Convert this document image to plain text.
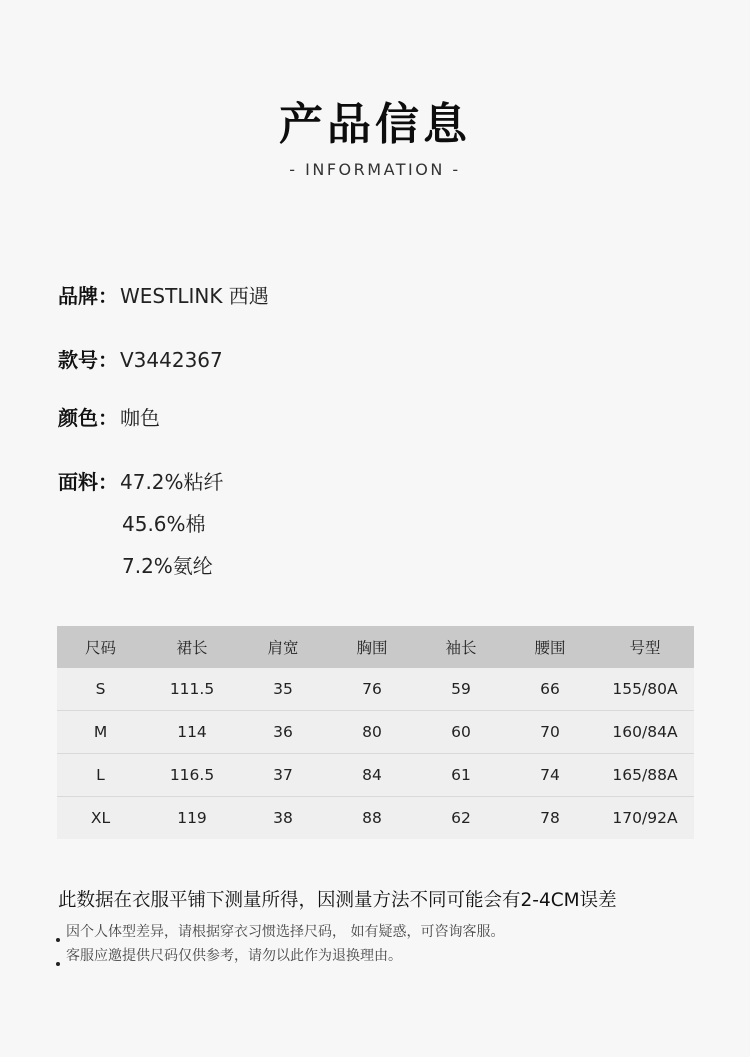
产品信息
- INFORMATION -
品牌： WESTLINK 西遇
款号： V3442367
颜色： 咖色
面料： 47.2%粘纤
45.6%棉
7.2%氨纶
尺码	裙长	肩宽	胸围	袖长	腰围	号型
S	111.5	35	76	59	66	155/80A
M	114	36	80	60	70	160/84A
L	116.5	37	84	61	74	165/88A
XL	119	38	88	62	78	170/92A
此数据在衣服平铺下测量所得，因测量方法不同可能会有2-4CM误差
因个人体型差异，请根据穿衣习惯选择尺码， 如有疑惑，可咨询客服。
客服应邀提供尺码仅供参考，请勿以此作为退换理由。
